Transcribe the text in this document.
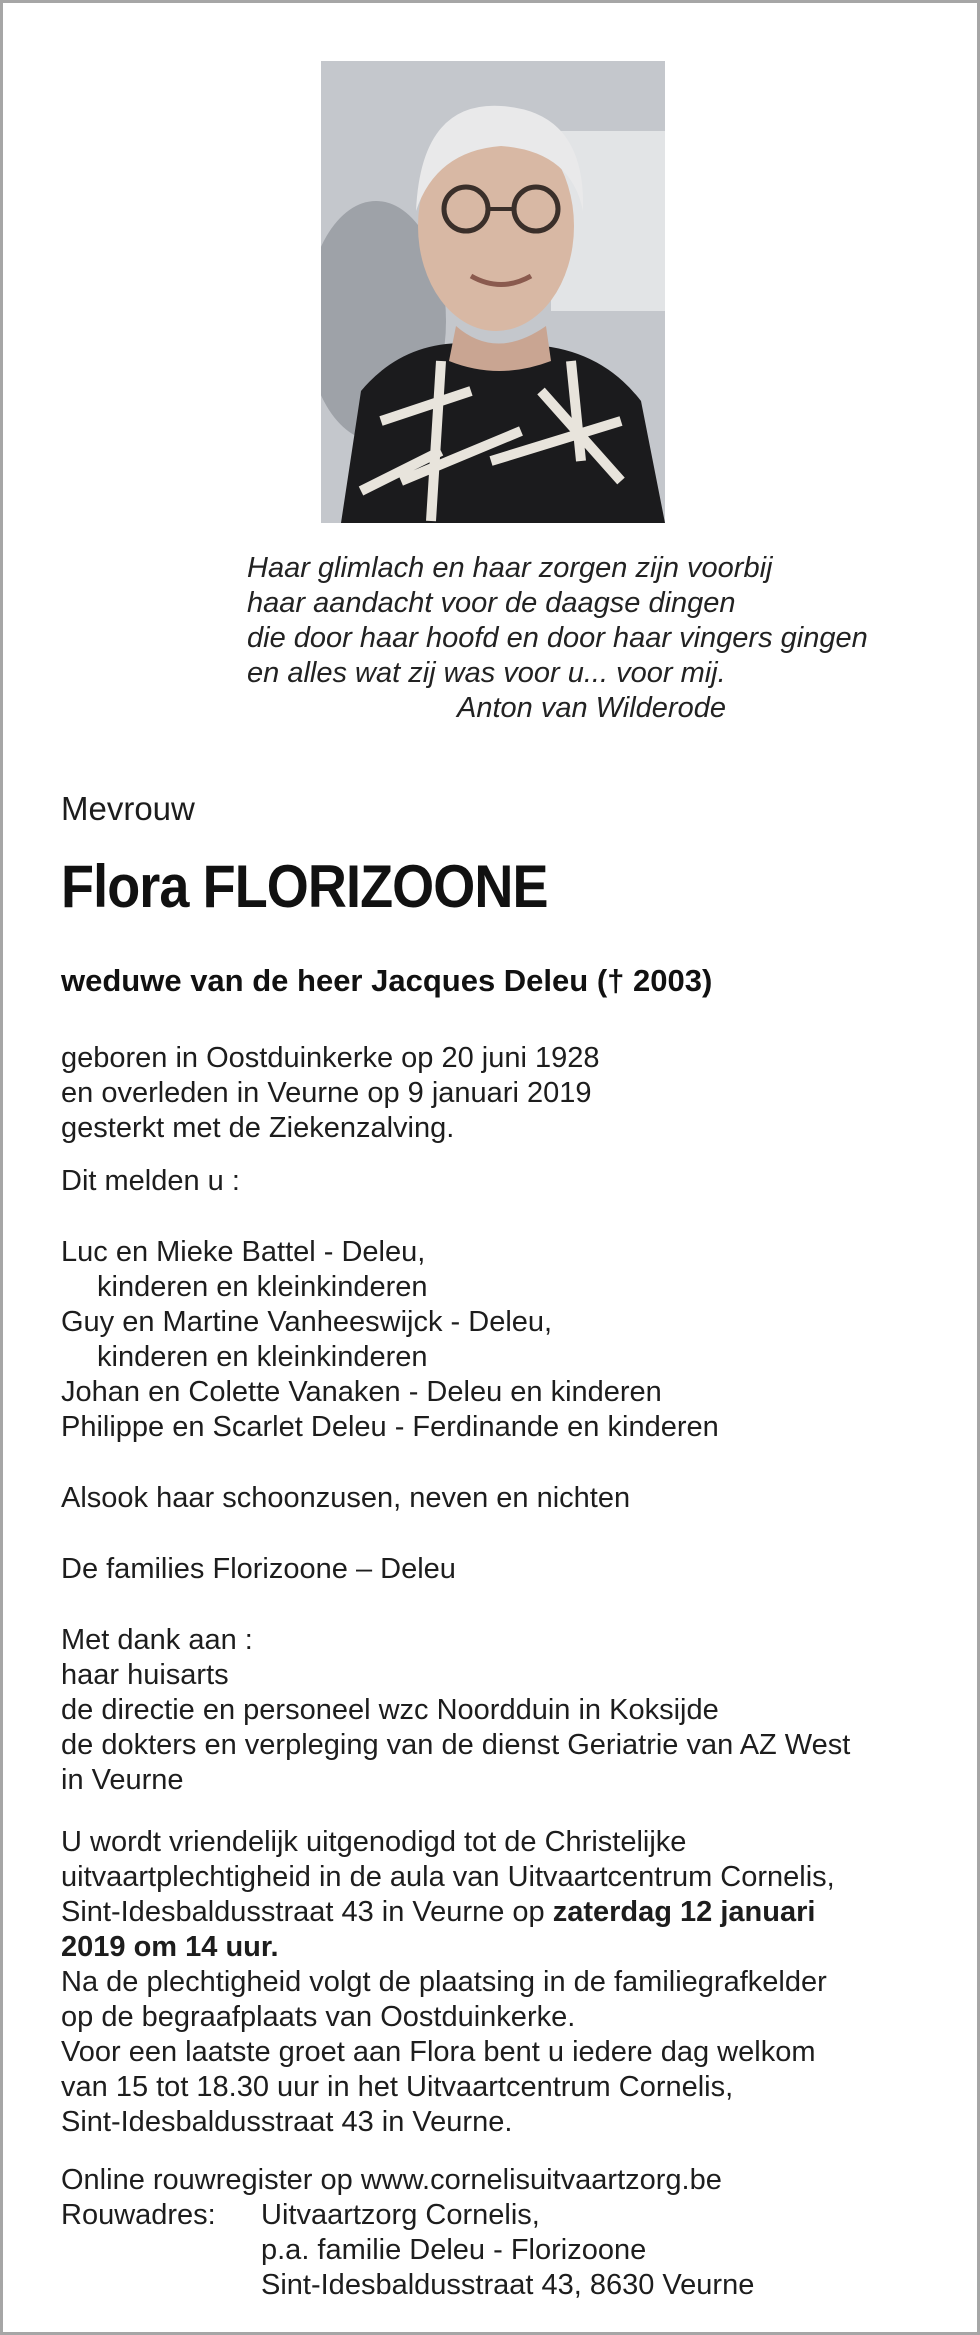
Haar glimlach en haar zorgen zijn voorbij
haar aandacht voor de daagse dingen
die door haar hoofd en door haar vingers gingen
en alles wat zij was voor u... voor mij.
Anton van Wilderode
Mevrouw
Flora FLORIZOONE
weduwe van de heer Jacques Deleu († 2003)
geboren in Oostduinkerke op 20 juni 1928
en overleden in Veurne op 9 januari 2019
gesterkt met de Ziekenzalving.
Dit melden u :
Luc en Mieke Battel - Deleu,
kinderen en kleinkinderen
Guy en Martine Vanheeswijck - Deleu,
kinderen en kleinkinderen
Johan en Colette Vanaken - Deleu en kinderen
Philippe en Scarlet Deleu - Ferdinande en kinderen
Alsook haar schoonzusen, neven en nichten
De families Florizoone – Deleu
Met dank aan :
haar huisarts
de directie en personeel wzc Noordduin in Koksijde
de dokters en verpleging van de dienst Geriatrie van AZ West
in Veurne
U wordt vriendelijk uitgenodigd tot de Christelijke
uitvaartplechtigheid in de aula van Uitvaartcentrum Cornelis,
Sint-Idesbaldusstraat 43 in Veurne op zaterdag 12 januari
2019 om 14 uur.
Na de plechtigheid volgt de plaatsing in de familiegrafkelder
op de begraafplaats van Oostduinkerke.
Voor een laatste groet aan Flora bent u iedere dag welkom
van 15 tot 18.30 uur in het Uitvaartcentrum Cornelis,
Sint-Idesbaldusstraat 43 in Veurne.
Online rouwregister op www.cornelisuitvaartzorg.be
Rouwadres: Uitvaartzorg Cornelis,
p.a. familie Deleu - Florizoone
Sint-Idesbaldusstraat 43, 8630 Veurne
